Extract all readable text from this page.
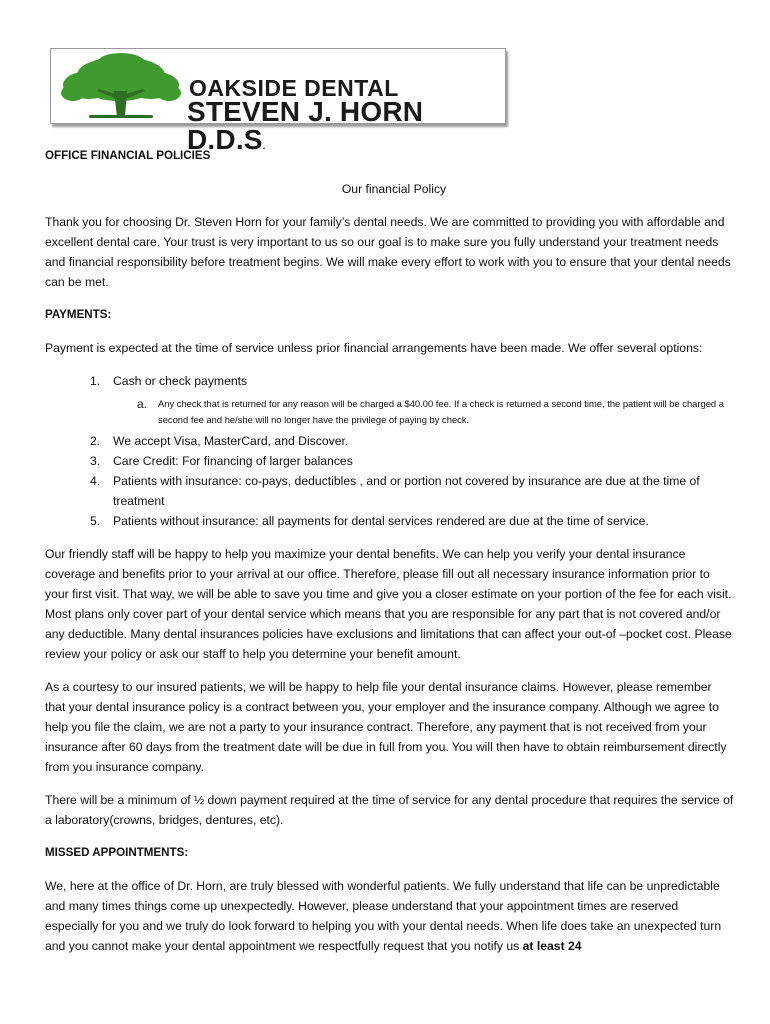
OAKSIDE DENTAL
STEVEN J. HORN D.D.S.

OFFICE FINANCIAL POLICIES

Our financial Policy

Thank you for choosing Dr. Steven Horn for your family’s dental needs. We are committed to providing you with affordable and excellent dental care. Your trust is very important to us so our goal is to make sure you fully understand your treatment needs and financial responsibility before treatment begins. We will make every effort to work with you to ensure that your dental needs can be met.

PAYMENTS:

Payment is expected at the time of service unless prior financial arrangements have been made. We offer several options:

1. Cash or check payments
a. Any check that is returned for any reason will be charged a $40.00 fee. If a check is returned a second time, the patient will be charged a second fee and he/she will no longer have the privilege of paying by check.
2. We accept Visa, MasterCard, and Discover.
3. Care Credit: For financing of larger balances
4. Patients with insurance: co-pays, deductibles , and or portion not covered by insurance are due at the time of treatment
5. Patients without insurance: all payments for dental services rendered are due at the time of service.

Our friendly staff will be happy to help you maximize your dental benefits. We can help you verify your dental insurance coverage and benefits prior to your arrival at our office. Therefore, please fill out all necessary insurance information prior to your first visit. That way, we will be able to save you time and give you a closer estimate on your portion of the fee for each visit. Most plans only cover part of your dental service which means that you are responsible for any part that is not covered and/or any deductible. Many dental insurances policies have exclusions and limitations that can affect your out-of –pocket cost. Please review your policy or ask our staff to help you determine your benefit amount.

As a courtesy to our insured patients, we will be happy to help file your dental insurance claims. However, please remember that your dental insurance policy is a contract between you, your employer and the insurance company. Although we agree to help you file the claim, we are not a party to your insurance contract. Therefore, any payment that is not received from your insurance after 60 days from the treatment date will be due in full from you. You will then have to obtain reimbursement directly from you insurance company.

There will be a minimum of ½ down payment required at the time of service for any dental procedure that requires the service of a laboratory(crowns, bridges, dentures, etc).

MISSED APPOINTMENTS:

We, here at the office of Dr. Horn, are truly blessed with wonderful patients. We fully understand that life can be unpredictable and many times things come up unexpectedly. However, please understand that your appointment times are reserved especially for you and we truly do look forward to helping you with your dental needs. When life does take an unexpected turn and you cannot make your dental appointment we respectfully request that you notify us at least 24
